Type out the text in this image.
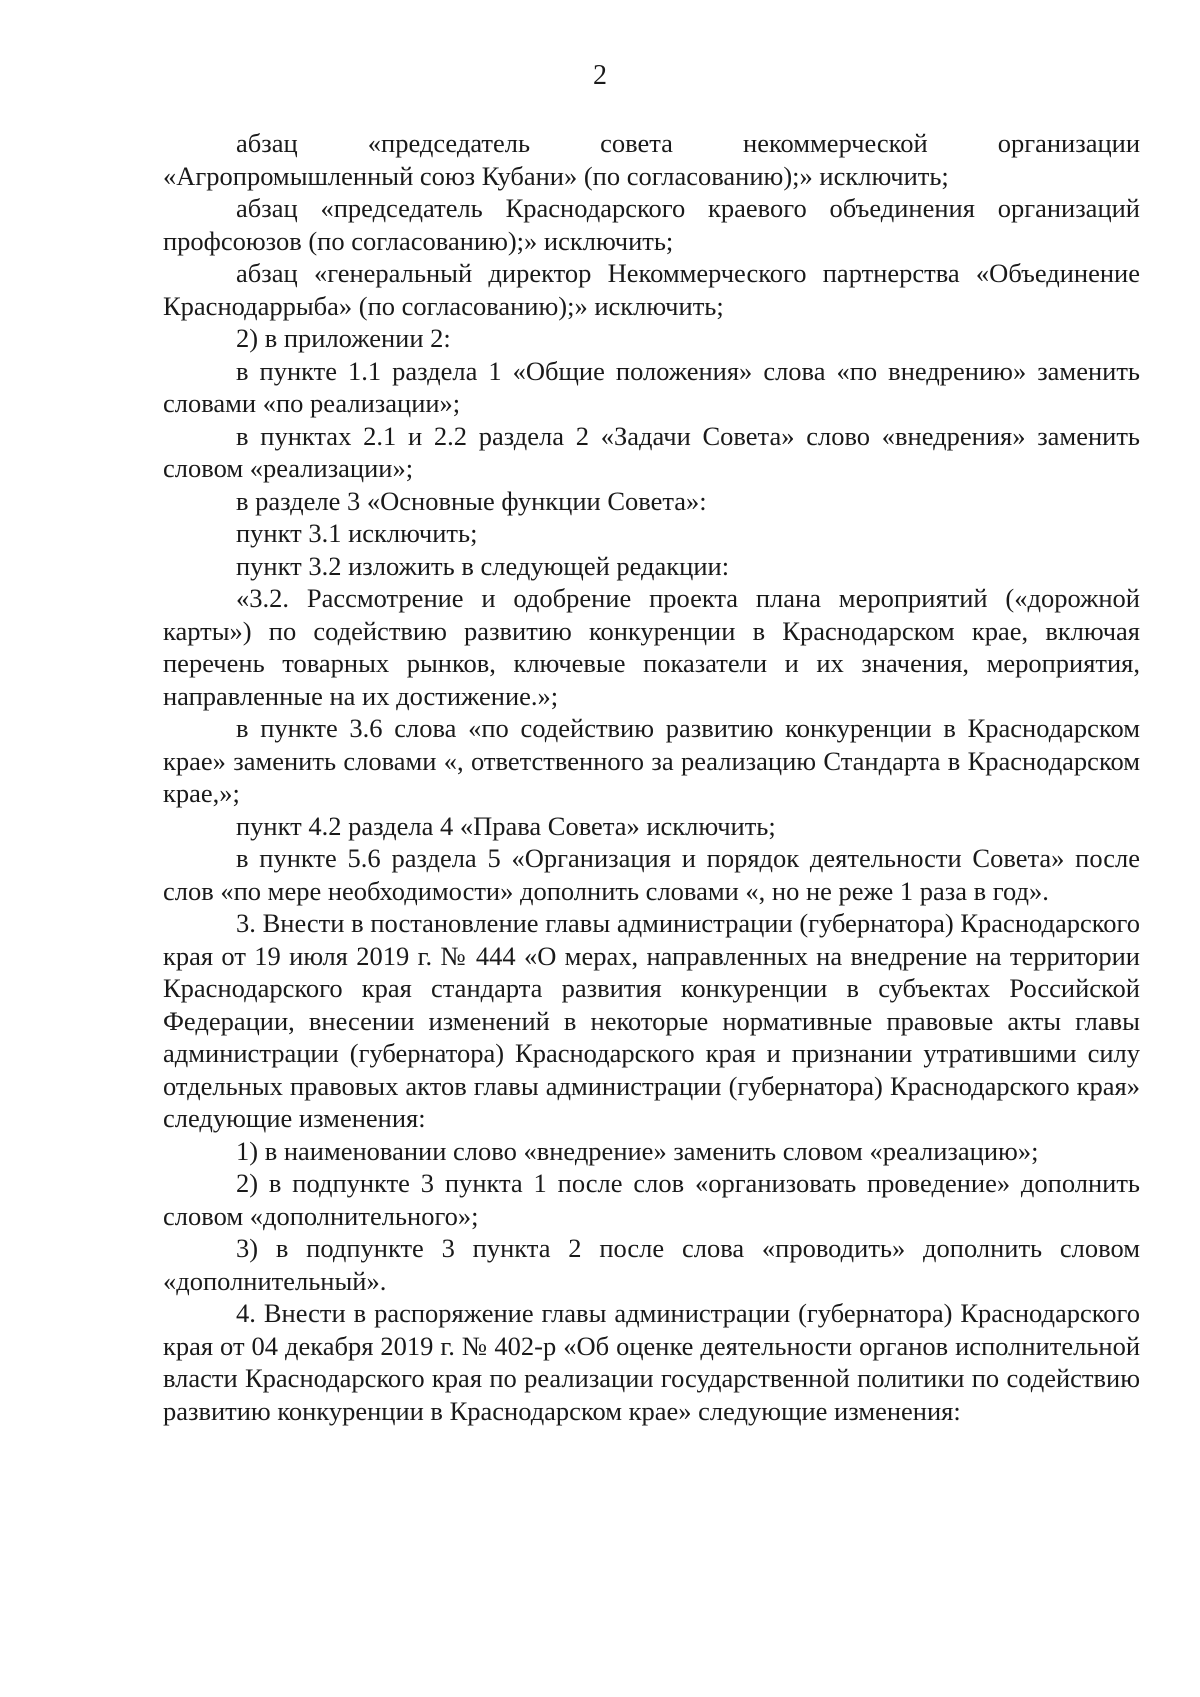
2

абзац «председатель совета некоммерческой организации «Агропромышленный союз Кубани» (по согласованию);» исключить;

абзац «председатель Краснодарского краевого объединения организаций профсоюзов (по согласованию);» исключить;

абзац «генеральный директор Некоммерческого партнерства «Объединение Краснодаррыба» (по согласованию);» исключить;

2) в приложении 2:

в пункте 1.1 раздела 1 «Общие положения» слова «по внедрению» заменить словами «по реализации»;

в пунктах 2.1 и 2.2 раздела 2 «Задачи Совета» слово «внедрения» заменить словом «реализации»;

в разделе 3 «Основные функции Совета»:

пункт 3.1 исключить;

пункт 3.2 изложить в следующей редакции:

«3.2. Рассмотрение и одобрение проекта плана мероприятий («дорожной карты») по содействию развитию конкуренции в Краснодарском крае, включая перечень товарных рынков, ключевые показатели и их значения, мероприятия, направленные на их достижение.»;

в пункте 3.6 слова «по содействию развитию конкуренции в Краснодарском крае» заменить словами «, ответственного за реализацию Стандарта в Краснодарском крае,»;

пункт 4.2 раздела 4 «Права Совета» исключить;

в пункте 5.6 раздела 5 «Организация и порядок деятельности Совета» после слов «по мере необходимости» дополнить словами «, но не реже 1 раза в год».

3. Внести в постановление главы администрации (губернатора) Краснодарского края от 19 июля 2019 г. № 444 «О мерах, направленных на внедрение на территории Краснодарского края стандарта развития конкуренции в субъектах Российской Федерации, внесении изменений в некоторые нормативные правовые акты главы администрации (губернатора) Краснодарского края и признании утратившими силу отдельных правовых актов главы администрации (губернатора) Краснодарского края» следующие изменения:

1) в наименовании слово «внедрение» заменить словом «реализацию»;

2) в подпункте 3 пункта 1 после слов «организовать проведение» дополнить словом «дополнительного»;

3) в подпункте 3 пункта 2 после слова «проводить» дополнить словом «дополнительный».

4. Внести в распоряжение главы администрации (губернатора) Краснодарского края от 04 декабря 2019 г. № 402-р «Об оценке деятельности органов исполнительной власти Краснодарского края по реализации государственной политики по содействию развитию конкуренции в Краснодарском крае» следующие изменения:
